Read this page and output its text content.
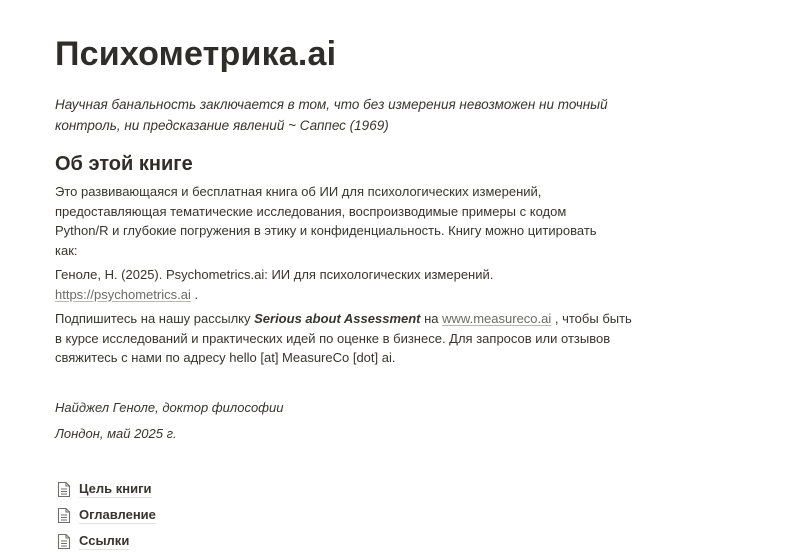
Психометрика.ai

Научная банальность заключается в том, что без измерения невозможен ни точный контроль, ни предсказание явлений ~ Саппес (1969)

Об этой книге

Это развивающаяся и бесплатная книга об ИИ для психологических измерений, предоставляющая тематические исследования, воспроизводимые примеры с кодом Python/R и глубокие погружения в этику и конфиденциальность. Книгу можно цитировать как:

Геноле, Н. (2025). Psychometrics.ai: ИИ для психологических измерений.
https://psychometrics.ai .

Подпишитесь на нашу рассылку Serious about Assessment на www.measureco.ai , чтобы быть в курсе исследований и практических идей по оценке в бизнесе. Для запросов или отзывов свяжитесь с нами по адресу hello [at] MeasureCo [dot] ai.

Найджел Геноле, доктор философии

Лондон, май 2025 г.

Цель книги
Оглавление
Ссылки
